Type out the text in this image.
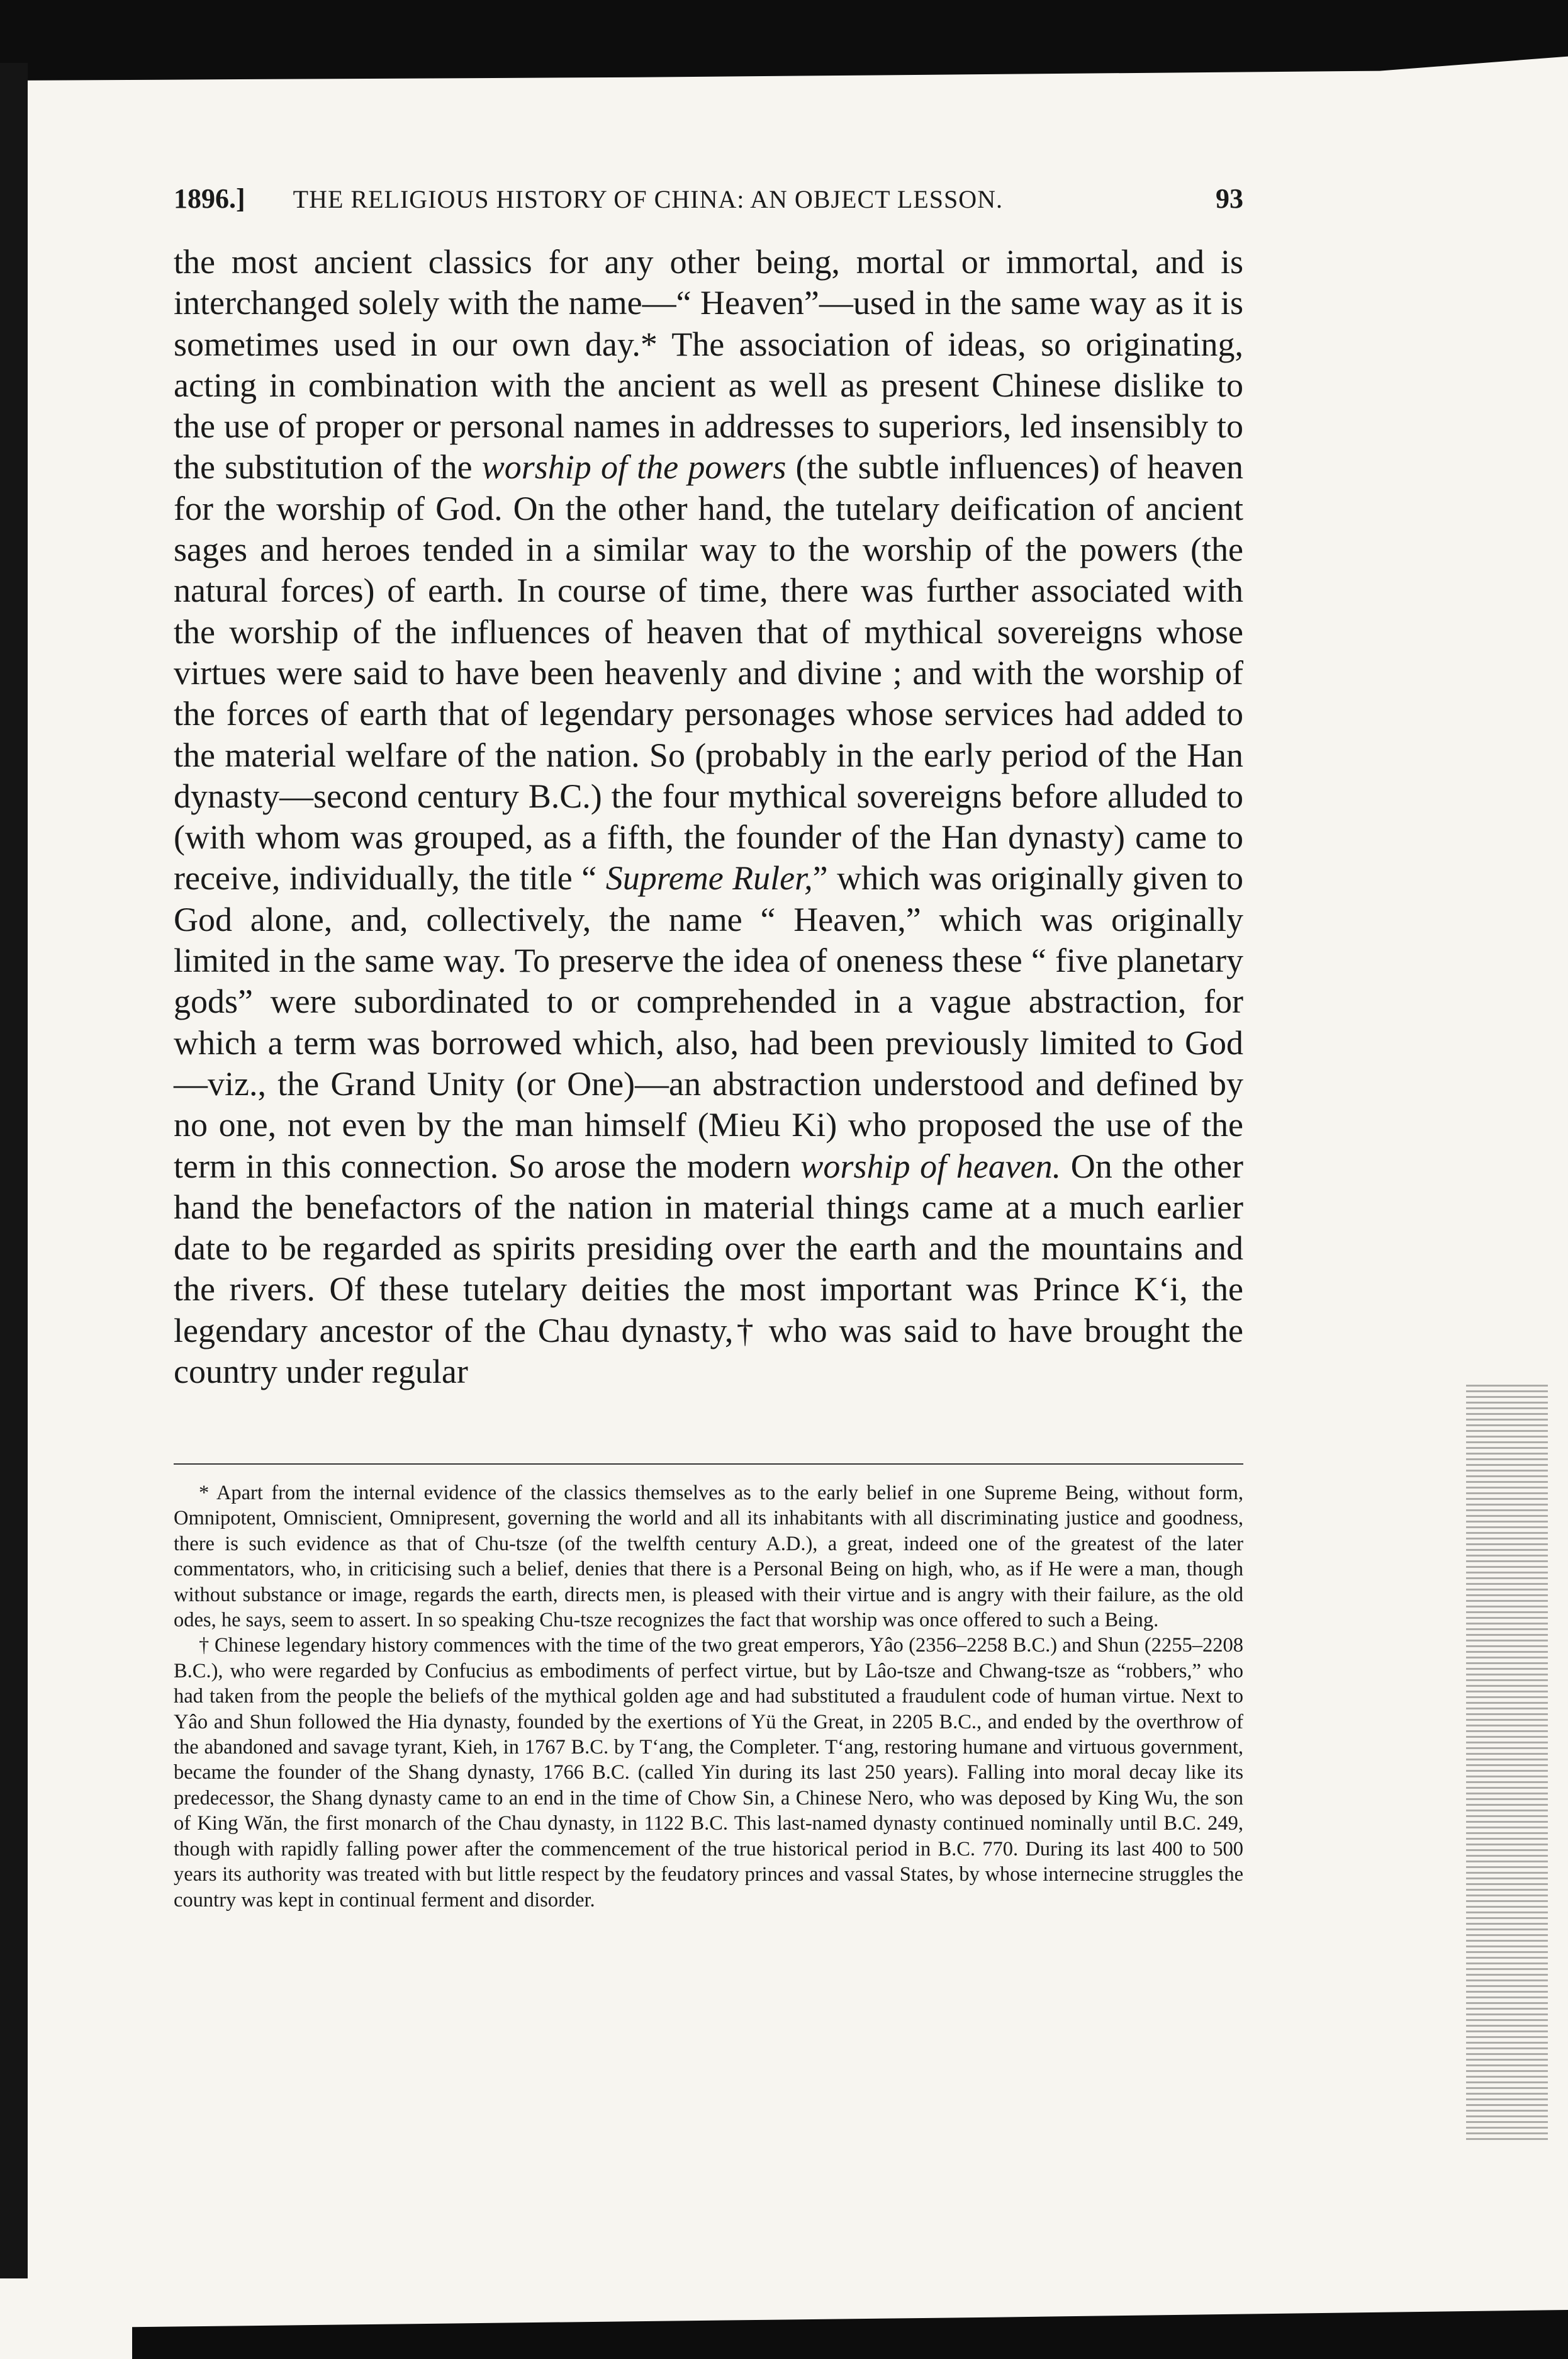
1896.] THE RELIGIOUS HISTORY OF CHINA: AN OBJECT LESSON.	93

the most ancient classics for any other being, mortal or immortal, and is interchanged solely with the name—“ Heaven”—used in the same way as it is sometimes used in our own day.* The association of ideas, so originating, acting in combination with the ancient as well as present Chinese dislike to the use of proper or personal names in addresses to superiors, led insensibly to the substitution of the worship of the powers (the subtle influences) of heaven for the worship of God. On the other hand, the tutelary deification of ancient sages and heroes tended in a similar way to the worship of the powers (the natural forces) of earth. In course of time, there was further associated with the worship of the influences of heaven that of mythical sovereigns whose virtues were said to have been heavenly and divine ; and with the worship of the forces of earth that of legendary personages whose services had added to the material welfare of the nation. So (probably in the early period of the Han dynasty—second century B.C.) the four mythical sovereigns before alluded to (with whom was grouped, as a fifth, the founder of the Han dynasty) came to receive, individually, the title “ Supreme Ruler,” which was originally given to God alone, and, collectively, the name “ Heaven,” which was originally limited in the same way. To preserve the idea of oneness these “ five planetary gods” were subordinated to or comprehended in a vague abstraction, for which a term was borrowed which, also, had been previously limited to God—viz., the Grand Unity (or One)—an abstraction understood and defined by no one, not even by the man himself (Mieu Ki) who proposed the use of the term in this connection. So arose the modern worship of heaven. On the other hand the benefactors of the nation in material things came at a much earlier date to be regarded as spirits presiding over the earth and the mountains and the rivers. Of these tutelary deities the most important was Prince K‘i, the legendary ancestor of the Chau dynasty,† who was said to have brought the country under regular

* Apart from the internal evidence of the classics themselves as to the early belief in one Supreme Being, without form, Omnipotent, Omniscient, Omnipresent, governing the world and all its inhabitants with all discriminating justice and goodness, there is such evidence as that of Chu-tsze (of the twelfth century A.D.), a great, indeed one of the greatest of the later commentators, who, in criticising such a belief, denies that there is a Personal Being on high, who, as if He were a man, though without substance or image, regards the earth, directs men, is pleased with their virtue and is angry with their failure, as the old odes, he says, seem to assert. In so speaking Chu-tsze recognizes the fact that worship was once offered to such a Being.

† Chinese legendary history commences with the time of the two great emperors, Yâo (2356–2258 B.C.) and Shun (2255–2208 B.C.), who were regarded by Confucius as embodiments of perfect virtue, but by Lâo-tsze and Chwang-tsze as “robbers,” who had taken from the people the beliefs of the mythical golden age and had substituted a fraudulent code of human virtue. Next to Yâo and Shun followed the Hia dynasty, founded by the exertions of Yü the Great, in 2205 B.C., and ended by the overthrow of the abandoned and savage tyrant, Kieh, in 1767 B.C. by T‘ang, the Completer. T‘ang, restoring humane and virtuous government, became the founder of the Shang dynasty, 1766 B.C. (called Yin during its last 250 years). Falling into moral decay like its predecessor, the Shang dynasty came to an end in the time of Chow Sin, a Chinese Nero, who was deposed by King Wu, the son of King Wăn, the first monarch of the Chau dynasty, in 1122 B.C. This last-named dynasty continued nominally until B.C. 249, though with rapidly falling power after the commencement of the true historical period in B.C. 770. During its last 400 to 500 years its authority was treated with but little respect by the feudatory princes and vassal States, by whose internecine struggles the country was kept in continual ferment and disorder.
